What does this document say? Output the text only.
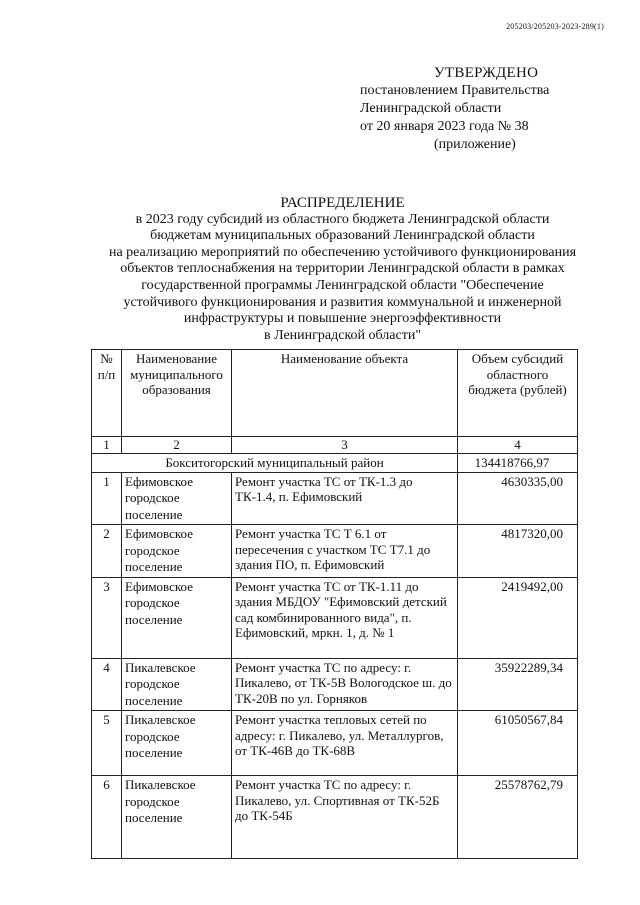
205203/205203-2023-289(1)
УТВЕРЖДЕНО
постановлением Правительства
Ленинградской области
от 20 января 2023 года № 38
(приложение)
РАСПРЕДЕЛЕНИЕ
в 2023 году субсидий из областного бюджета Ленинградской области
бюджетам муниципальных образований Ленинградской области
на реализацию мероприятий по обеспечению устойчивого функционирования
объектов теплоснабжения на территории Ленинградской области в рамках
государственной программы Ленинградской области "Обеспечение
устойчивого функционирования и развития коммунальной и инженерной
инфраструктуры и повышение энергоэффективности
в Ленинградской области"
№ п/п	Наименование муниципального образования	Наименование объекта	Объем субсидий областного бюджета (рублей)
1	2	3	4
Бокситогорский муниципальный район			134418766,97
1	Ефимовское городское поселение	Ремонт участка ТС от ТК-1.3 до ТК-1.4, п. Ефимовский	4630335,00
2	Ефимовское городское поселение	Ремонт участка ТС Т 6.1 от пересечения с участком ТС Т7.1 до здания ПО, п. Ефимовский	4817320,00
3	Ефимовское городское поселение	Ремонт участка ТС от ТК-1.11 до здания МБДОУ "Ефимовский детский сад комбинированного вида", п. Ефимовский, мркн. 1, д. № 1	2419492,00
4	Пикалевское городское поселение	Ремонт участка ТС по адресу: г. Пикалево, от ТК-5В Вологодское ш. до ТК-20В по ул. Горняков	35922289,34
5	Пикалевское городское поселение	Ремонт участка тепловых сетей по адресу: г. Пикалево, ул. Металлургов, от ТК-46В до ТК-68В	61050567,84
6	Пикалевское городское поселение	Ремонт участка ТС по адресу: г. Пикалево, ул. Спортивная от ТК-52Б до ТК-54Б	25578762,79
